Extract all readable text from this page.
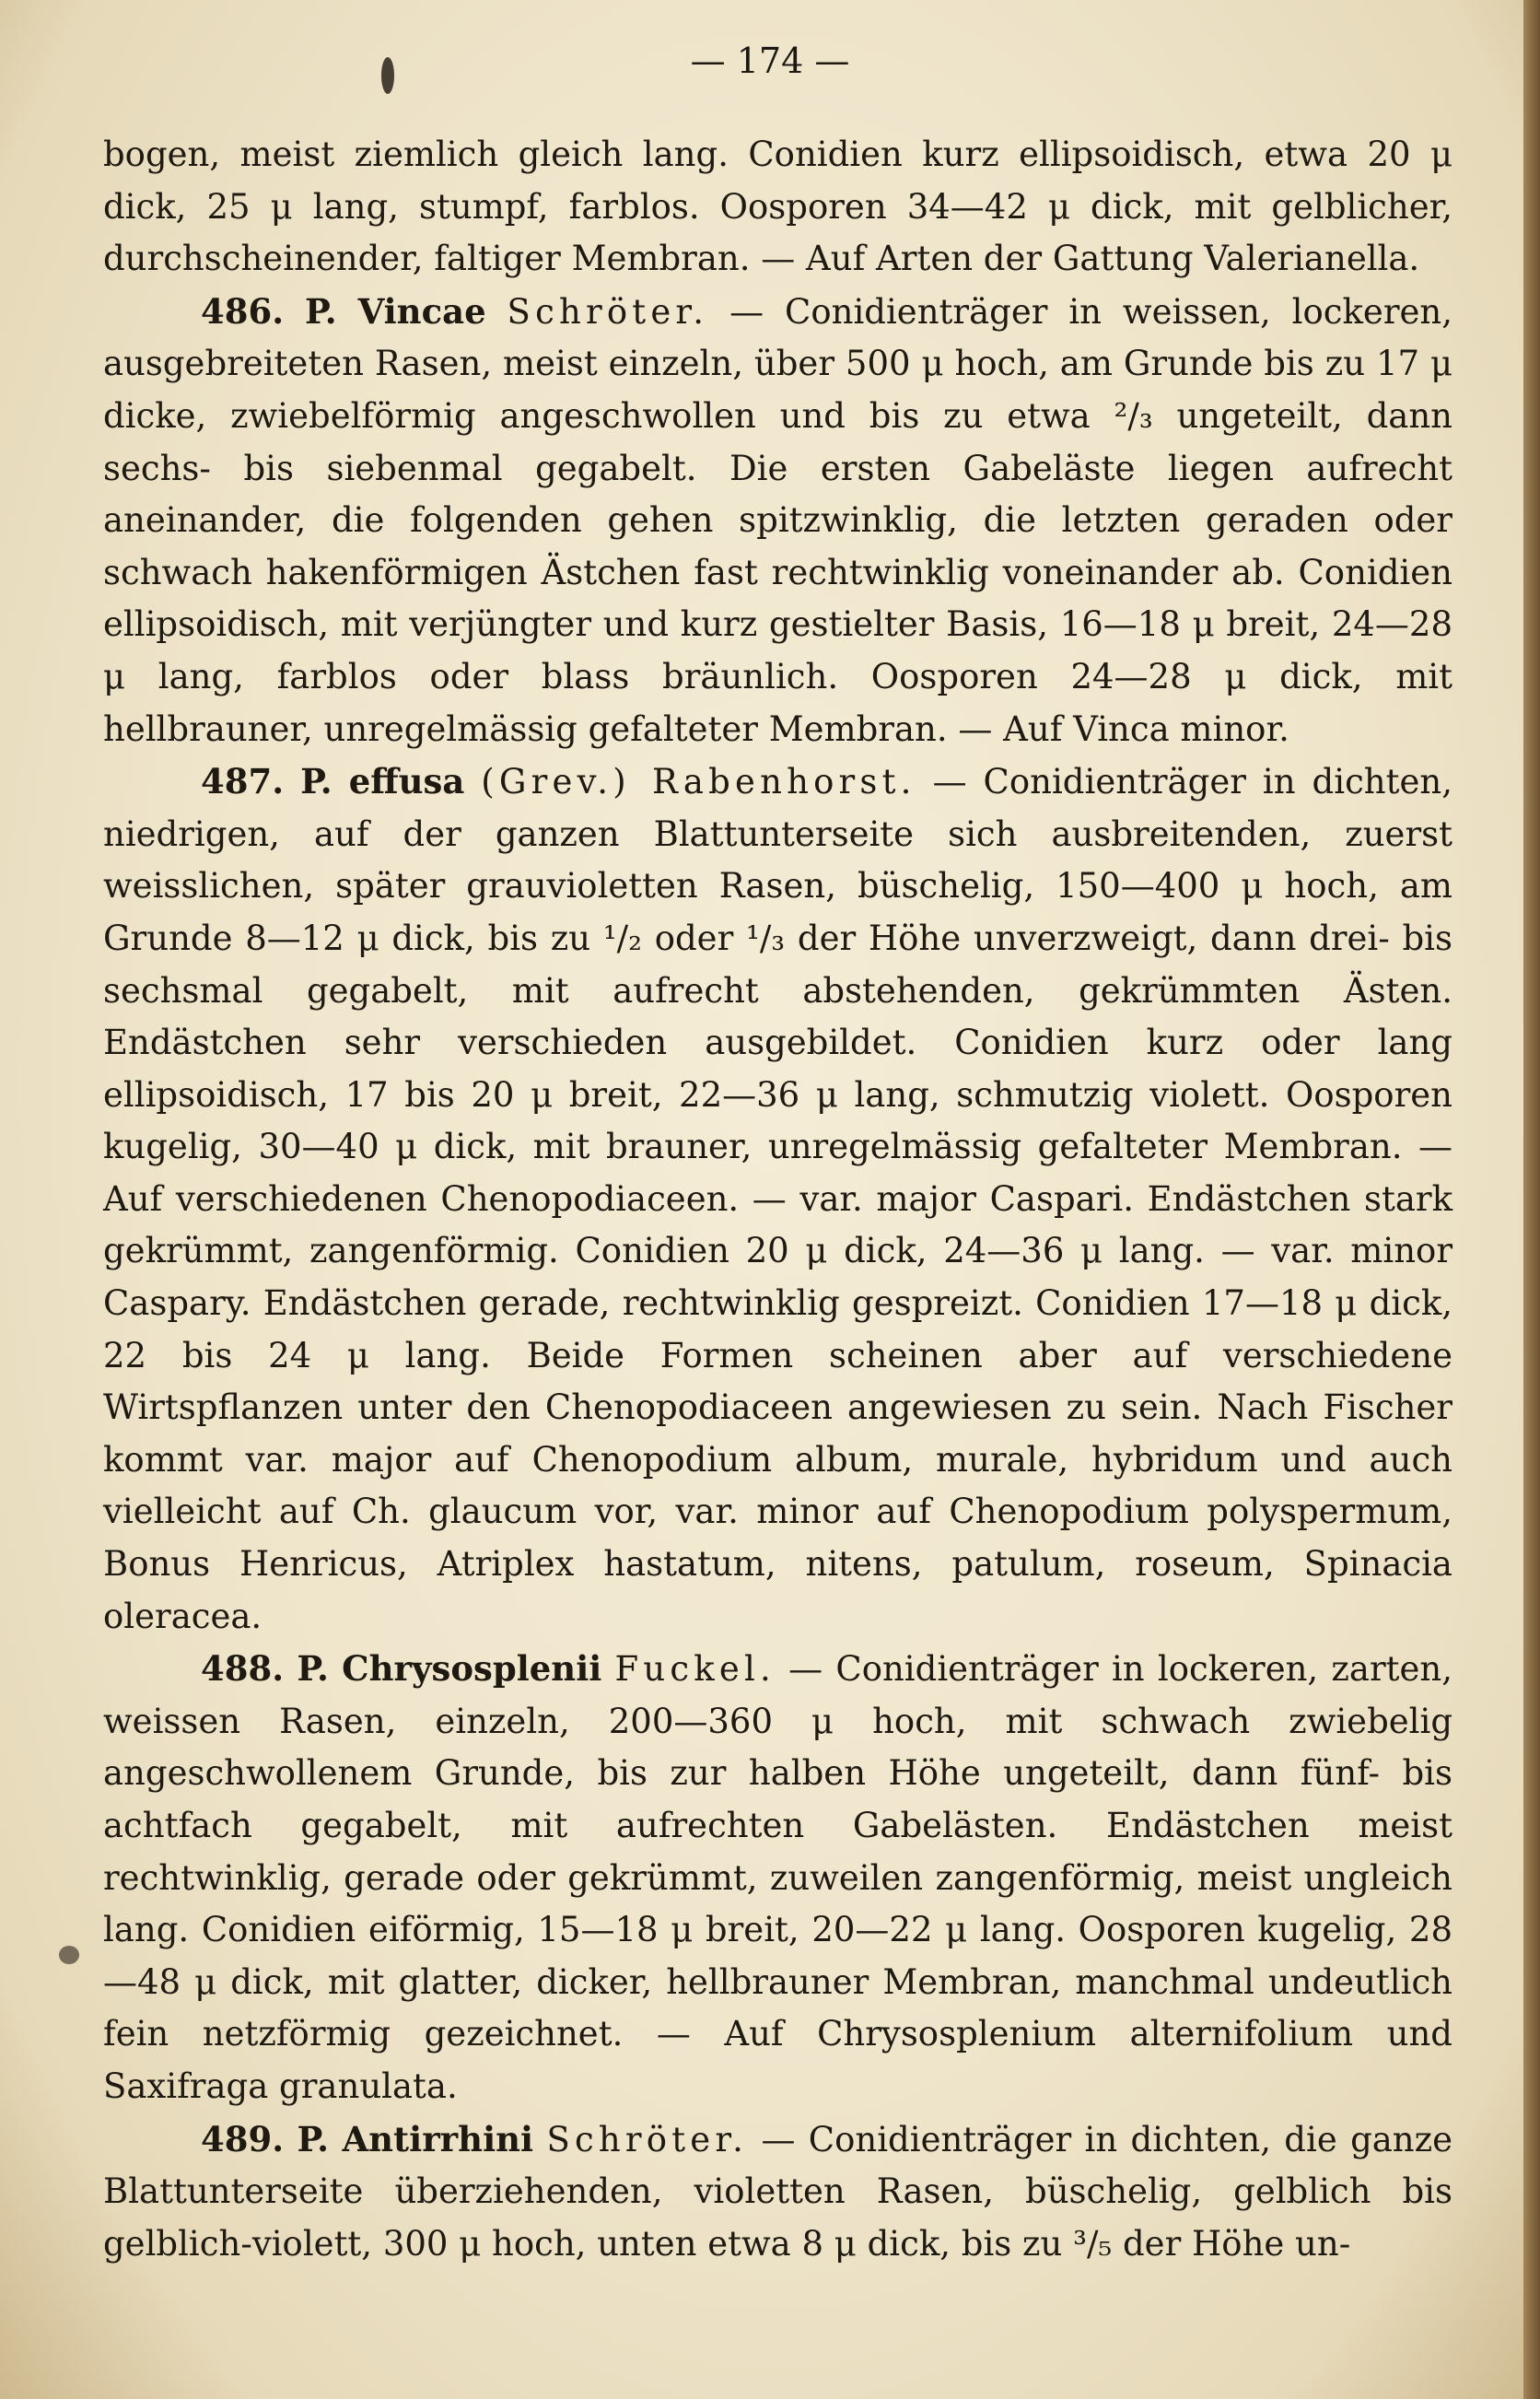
— 174 —

bogen, meist ziemlich gleich lang. Conidien kurz ellipsoidisch, etwa 20 μ dick, 25 μ lang, stumpf, farblos. Oosporen 34—42 μ dick, mit gelblicher, durchscheinender, faltiger Membran. — Auf Arten der Gattung Valerianella.

486. P. Vincae Schröter. — Conidienträger in weissen, lockeren, ausgebreiteten Rasen, meist einzeln, über 500 μ hoch, am Grunde bis zu 17 μ dicke, zwiebelförmig angeschwollen und bis zu etwa ²/₃ ungeteilt, dann sechs- bis siebenmal gegabelt. Die ersten Gabeläste liegen aufrecht aneinander, die folgenden gehen spitzwinklig, die letzten geraden oder schwach hakenförmigen Ästchen fast rechtwinklig voneinander ab. Conidien ellipsoidisch, mit verjüngter und kurz gestielter Basis, 16—18 μ breit, 24—28 μ lang, farblos oder blass bräunlich. Oosporen 24—28 μ dick, mit hellbrauner, unregelmässig gefalteter Membran. — Auf Vinca minor.

487. P. effusa (Grev.) Rabenhorst. — Conidienträger in dichten, niedrigen, auf der ganzen Blattunterseite sich ausbreitenden, zuerst weisslichen, später grauvioletten Rasen, büschelig, 150—400 μ hoch, am Grunde 8—12 μ dick, bis zu ¹/₂ oder ¹/₃ der Höhe unverzweigt, dann drei- bis sechsmal gegabelt, mit aufrecht abstehenden, gekrümmten Ästen. Endästchen sehr verschieden ausgebildet. Conidien kurz oder lang ellipsoidisch, 17 bis 20 μ breit, 22—36 μ lang, schmutzig violett. Oosporen kugelig, 30—40 μ dick, mit brauner, unregelmässig gefalteter Membran. — Auf verschiedenen Chenopodiaceen. — var. major Caspari. Endästchen stark gekrümmt, zangenförmig. Conidien 20 μ dick, 24—36 μ lang. — var. minor Caspary. Endästchen gerade, rechtwinklig gespreizt. Conidien 17—18 μ dick, 22 bis 24 μ lang. Beide Formen scheinen aber auf verschiedene Wirtspflanzen unter den Chenopodiaceen angewiesen zu sein. Nach Fischer kommt var. major auf Chenopodium album, murale, hybridum und auch vielleicht auf Ch. glaucum vor, var. minor auf Chenopodium polyspermum, Bonus Henricus, Atriplex hastatum, nitens, patulum, roseum, Spinacia oleracea.

488. P. Chrysosplenii Fuckel. — Conidienträger in lockeren, zarten, weissen Rasen, einzeln, 200—360 μ hoch, mit schwach zwiebelig angeschwollenem Grunde, bis zur halben Höhe ungeteilt, dann fünf- bis achtfach gegabelt, mit aufrechten Gabelästen. Endästchen meist rechtwinklig, gerade oder gekrümmt, zuweilen zangenförmig, meist ungleich lang. Conidien eiförmig, 15—18 μ breit, 20—22 μ lang. Oosporen kugelig, 28—48 μ dick, mit glatter, dicker, hellbrauner Membran, manchmal undeutlich fein netzförmig gezeichnet. — Auf Chrysosplenium alternifolium und Saxifraga granulata.

489. P. Antirrhini Schröter. — Conidienträger in dichten, die ganze Blattunterseite überziehenden, violetten Rasen, büschelig, gelblich bis gelblich-violett, 300 μ hoch, unten etwa 8 μ dick, bis zu ³/₅ der Höhe un-
